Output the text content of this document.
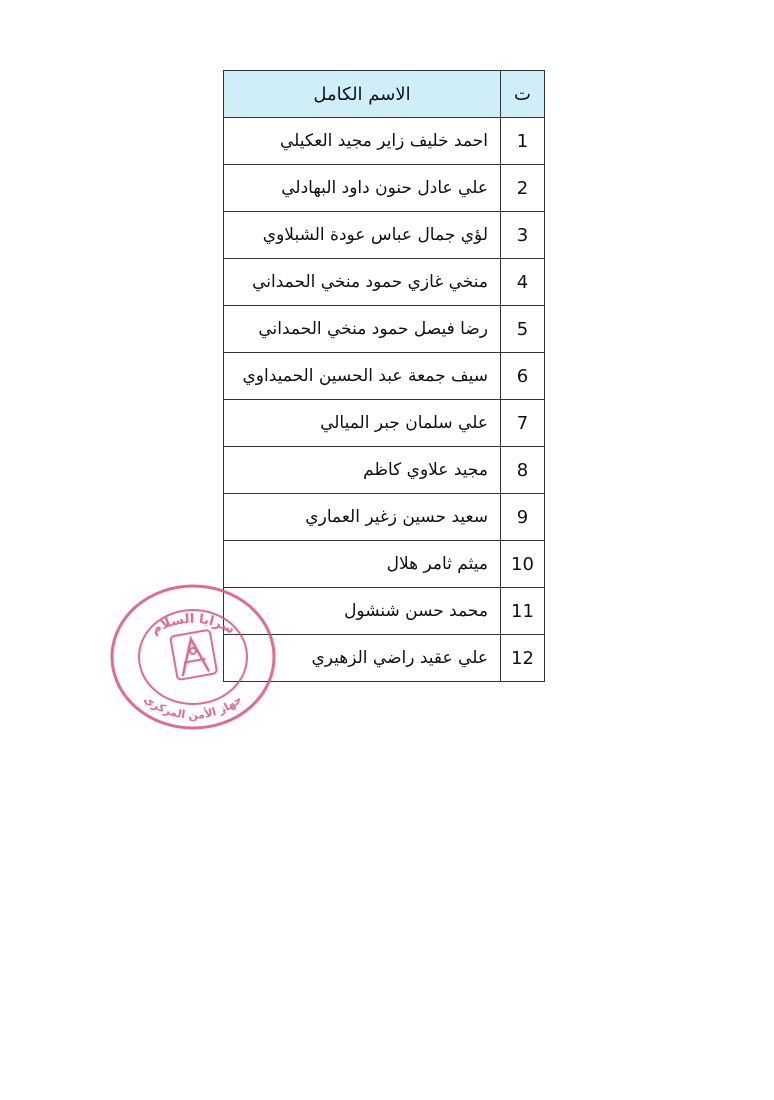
ت	الاسم الكامل
1	احمد خليف زاير مجيد العكيلي
2	علي عادل حنون داود البهادلي
3	لؤي جمال عباس عودة الشبلاوي
4	منخي غازي حمود منخي الحمداني
5	رضا فيصل حمود منخي الحمداني
6	سيف جمعة عبد الحسين الحميداوي
7	علي سلمان جبر الميالي
8	مجيد علاوي كاظم
9	سعيد حسين زغير العماري
10	ميثم ثامر هلال
11	محمد حسن شنشول
12	علي عقيد راضي الزهيري
سرايا السلام
جهاز الأمن المركزي
